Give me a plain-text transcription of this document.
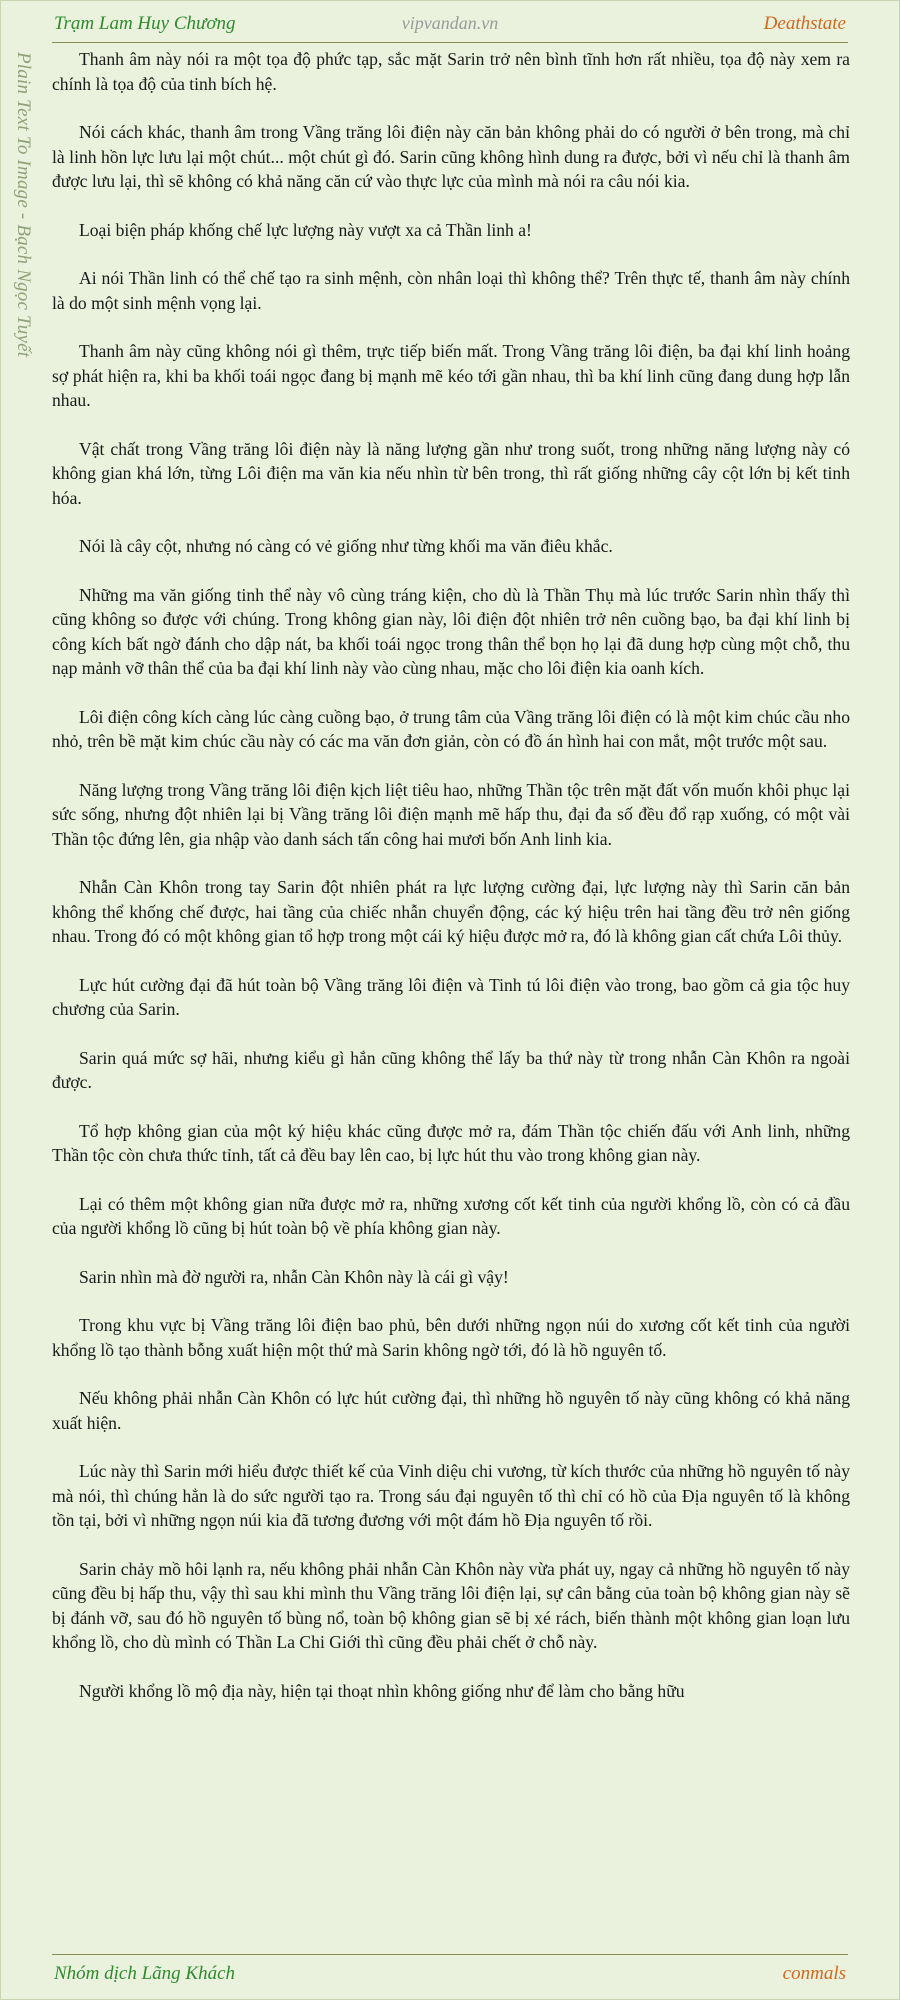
Trạm Lam Huy Chương	vipvandan.vn	Deathstate
Plain Text To Image - Bạch Ngọc Tuyết	Thanh âm này nói ra một tọa độ phức tạp, sắc mặt Sarin trở nên bình tĩnh hơn rất nhiều, tọa độ này xem ra chính là tọa độ của tinh bích hệ.

Nói cách khác, thanh âm trong Vầng trăng lôi điện này căn bản không phải do có người ở bên trong, mà chỉ là linh hồn lực lưu lại một chút... một chút gì đó. Sarin cũng không hình dung ra được, bởi vì nếu chỉ là thanh âm được lưu lại, thì sẽ không có khả năng căn cứ vào thực lực của mình mà nói ra câu nói kia.

Loại biện pháp khống chế lực lượng này vượt xa cả Thần linh a!

Ai nói Thần linh có thể chế tạo ra sinh mệnh, còn nhân loại thì không thể? Trên thực tế, thanh âm này chính là do một sinh mệnh vọng lại.

Thanh âm này cũng không nói gì thêm, trực tiếp biến mất. Trong Vầng trăng lôi điện, ba đại khí linh hoảng sợ phát hiện ra, khi ba khối toái ngọc đang bị mạnh mẽ kéo tới gần nhau, thì ba khí linh cũng đang dung hợp lẫn nhau.

Vật chất trong Vầng trăng lôi điện này là năng lượng gần như trong suốt, trong những năng lượng này có không gian khá lớn, từng Lôi điện ma văn kia nếu nhìn từ bên trong, thì rất giống những cây cột lớn bị kết tinh hóa.

Nói là cây cột, nhưng nó càng có vẻ giống như từng khối ma văn điêu khắc.

Những ma văn giống tinh thể này vô cùng tráng kiện, cho dù là Thần Thụ mà lúc trước Sarin nhìn thấy thì cũng không so được với chúng. Trong không gian này, lôi điện đột nhiên trở nên cuồng bạo, ba đại khí linh bị công kích bất ngờ đánh cho dập nát, ba khối toái ngọc trong thân thể bọn họ lại đã dung hợp cùng một chỗ, thu nạp mảnh vỡ thân thể của ba đại khí linh này vào cùng nhau, mặc cho lôi điện kia oanh kích.

Lôi điện công kích càng lúc càng cuồng bạo, ở trung tâm của Vầng trăng lôi điện có là một kim chúc cầu nho nhỏ, trên bề mặt kim chúc cầu này có các ma văn đơn giản, còn có đồ án hình hai con mắt, một trước một sau.

Năng lượng trong Vầng trăng lôi điện kịch liệt tiêu hao, những Thần tộc trên mặt đất vốn muốn khôi phục lại sức sống, nhưng đột nhiên lại bị Vầng trăng lôi điện mạnh mẽ hấp thu, đại đa số đều đổ rạp xuống, có một vài Thần tộc đứng lên, gia nhập vào danh sách tấn công hai mươi bốn Anh linh kia.

Nhẫn Càn Khôn trong tay Sarin đột nhiên phát ra lực lượng cường đại, lực lượng này thì Sarin căn bản không thể khống chế được, hai tầng của chiếc nhẫn chuyển động, các ký hiệu trên hai tầng đều trở nên giống nhau. Trong đó có một không gian tổ hợp trong một cái ký hiệu được mở ra, đó là không gian cất chứa Lôi thủy.

Lực hút cường đại đã hút toàn bộ Vầng trăng lôi điện và Tinh tú lôi điện vào trong, bao gồm cả gia tộc huy chương của Sarin.

Sarin quá mức sợ hãi, nhưng kiểu gì hắn cũng không thể lấy ba thứ này từ trong nhẫn Càn Khôn ra ngoài được.

Tổ hợp không gian của một ký hiệu khác cũng được mở ra, đám Thần tộc chiến đấu với Anh linh, những Thần tộc còn chưa thức tỉnh, tất cả đều bay lên cao, bị lực hút thu vào trong không gian này.

Lại có thêm một không gian nữa được mở ra, những xương cốt kết tinh của người khổng lồ, còn có cả đầu của người khổng lồ cũng bị hút toàn bộ về phía không gian này.

Sarin nhìn mà đờ người ra, nhẫn Càn Khôn này là cái gì vậy!

Trong khu vực bị Vầng trăng lôi điện bao phủ, bên dưới những ngọn núi do xương cốt kết tinh của người khổng lồ tạo thành bỗng xuất hiện một thứ mà Sarin không ngờ tới, đó là hồ nguyên tố.

Nếu không phải nhẫn Càn Khôn có lực hút cường đại, thì những hồ nguyên tố này cũng không có khả năng xuất hiện.

Lúc này thì Sarin mới hiểu được thiết kế của Vinh diệu chi vương, từ kích thước của những hồ nguyên tố này mà nói, thì chúng hẳn là do sức người tạo ra. Trong sáu đại nguyên tố thì chỉ có hồ của Địa nguyên tố là không tồn tại, bởi vì những ngọn núi kia đã tương đương với một đám hồ Địa nguyên tố rồi.

Sarin chảy mồ hôi lạnh ra, nếu không phải nhẫn Càn Khôn này vừa phát uy, ngay cả những hồ nguyên tố này cũng đều bị hấp thu, vậy thì sau khi mình thu Vầng trăng lôi điện lại, sự cân bằng của toàn bộ không gian này sẽ bị đánh vỡ, sau đó hồ nguyên tố bùng nổ, toàn bộ không gian sẽ bị xé rách, biến thành một không gian loạn lưu khổng lồ, cho dù mình có Thần La Chi Giới thì cũng đều phải chết ở chỗ này.

Người khổng lồ mộ địa này, hiện tại thoạt nhìn không giống như để làm cho bằng hữu

Nhóm dịch Lãng Khách	conmals
